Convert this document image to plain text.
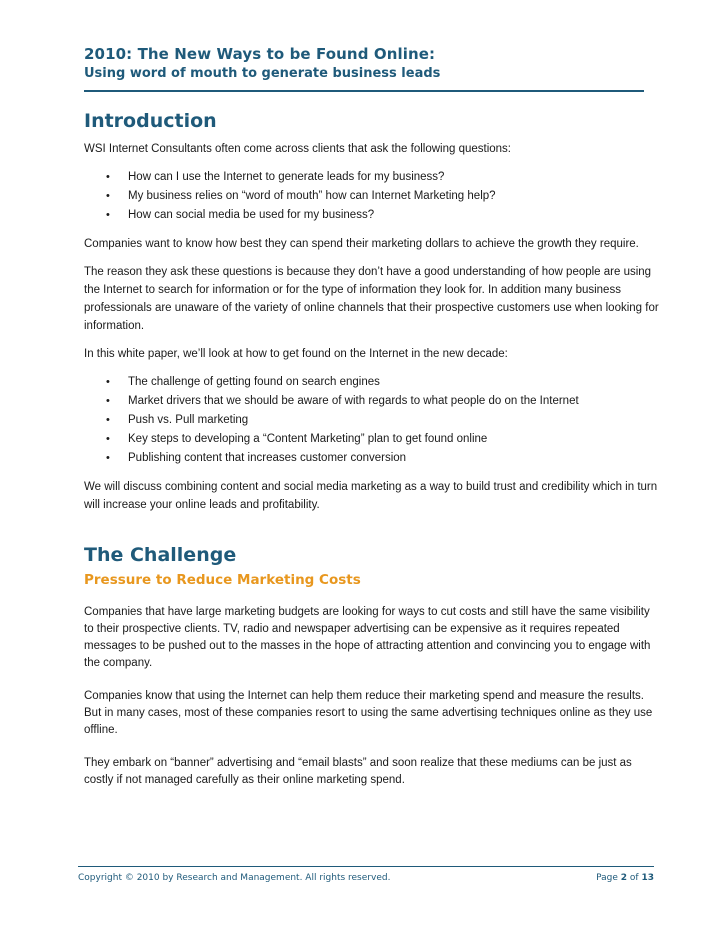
2010: The New Ways to be Found Online:
Using word of mouth to generate business leads
Introduction

WSI Internet Consultants often come across clients that ask the following questions:

• How can I use the Internet to generate leads for my business?
• My business relies on “word of mouth” how can Internet Marketing help?
• How can social media be used for my business?

Companies want to know how best they can spend their marketing dollars to achieve the growth they require.

The reason they ask these questions is because they don’t have a good understanding of how people are using the Internet to search for information or for the type of information they look for. In addition many business professionals are unaware of the variety of online channels that their prospective customers use when looking for information.

In this white paper, we’ll look at how to get found on the Internet in the new decade:

• The challenge of getting found on search engines
• Market drivers that we should be aware of with regards to what people do on the Internet
• Push vs. Pull marketing
• Key steps to developing a “Content Marketing” plan to get found online
• Publishing content that increases customer conversion

We will discuss combining content and social media marketing as a way to build trust and credibility which in turn will increase your online leads and profitability.

The Challenge
Pressure to Reduce Marketing Costs

Companies that have large marketing budgets are looking for ways to cut costs and still have the same visibility to their prospective clients. TV, radio and newspaper advertising can be expensive as it requires repeated messages to be pushed out to the masses in the hope of attracting attention and convincing you to engage with the company.

Companies know that using the Internet can help them reduce their marketing spend and measure the results. But in many cases, most of these companies resort to using the same advertising techniques online as they use offline.

They embark on “banner” advertising and “email blasts” and soon realize that these mediums can be just as costly if not managed carefully as their online marketing spend.

Copyright © 2010 by Research and Management. All rights reserved.	Page 2 of 13
